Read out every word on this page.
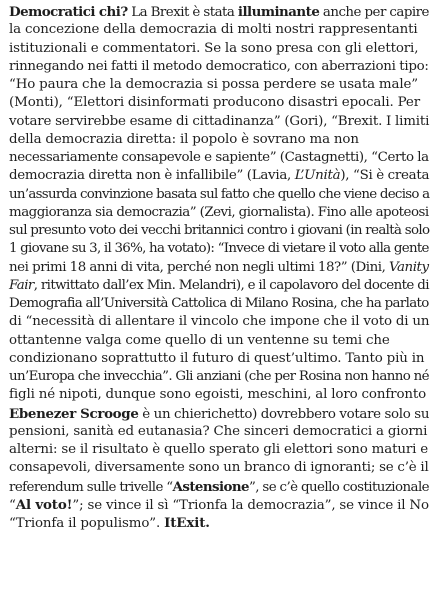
Democratici chi? La Brexit è stata illuminante anche per capire
la concezione della democrazia di molti nostri rappresentanti
istituzionali e commentatori. Se la sono presa con gli elettori,
rinnegando nei fatti il metodo democratico, con aberrazioni tipo:
“Ho paura che la democrazia si possa perdere se usata male”
(Monti), “Elettori disinformati producono disastri epocali. Per
votare servirebbe esame di cittadinanza” (Gori), “Brexit. I limiti
della democrazia diretta: il popolo è sovrano ma non
necessariamente consapevole e sapiente” (Castagnetti), “Certo la
democrazia diretta non è infallibile” (Lavia, L’Unità), “Si è creata
un’assurda convinzione basata sul fatto che quello che viene deciso a
maggioranza sia democrazia” (Zevi, giornalista). Fino alle apoteosi
sul presunto voto dei vecchi britannici contro i giovani (in realtà solo
1 giovane su 3, il 36%, ha votato): “Invece di vietare il voto alla gente
nei primi 18 anni di vita, perché non negli ultimi 18?” (Dini, Vanity
Fair, ritwittato dall’ex Min. Melandri), e il capolavoro del docente di
Demografia all’Università Cattolica di Milano Rosina, che ha parlato
di “necessità di allentare il vincolo che impone che il voto di un
ottantenne valga come quello di un ventenne su temi che
condizionano soprattutto il futuro di quest’ultimo. Tanto più in
un’Europa che invecchia”. Gli anziani (che per Rosina non hanno né
figli né nipoti, dunque sono egoisti, meschini, al loro confronto
Ebenezer Scrooge è un chierichetto) dovrebbero votare solo su
pensioni, sanità ed eutanasia? Che sinceri democratici a giorni
alterni: se il risultato è quello sperato gli elettori sono maturi e
consapevoli, diversamente sono un branco di ignoranti; se c’è il
referendum sulle trivelle “Astensione”, se c’è quello costituzionale
“Al voto!”; se vince il sì “Trionfa la democrazia”, se vince il No
“Trionfa il populismo”. ItExit.
